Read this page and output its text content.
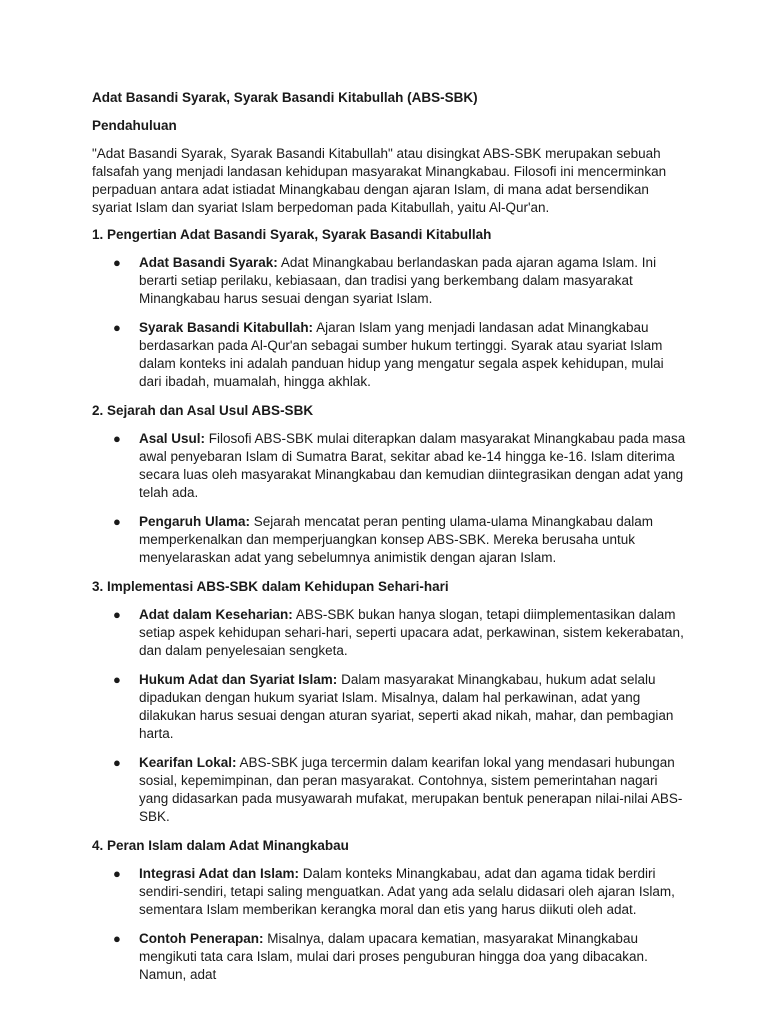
Adat Basandi Syarak, Syarak Basandi Kitabullah (ABS-SBK)
Pendahuluan

"Adat Basandi Syarak, Syarak Basandi Kitabullah" atau disingkat ABS-SBK merupakan sebuah falsafah yang menjadi landasan kehidupan masyarakat Minangkabau. Filosofi ini mencerminkan perpaduan antara adat istiadat Minangkabau dengan ajaran Islam, di mana adat bersendikan syariat Islam dan syariat Islam berpedoman pada Kitabullah, yaitu Al-Qur'an.

1. Pengertian Adat Basandi Syarak, Syarak Basandi Kitabullah
● Adat Basandi Syarak: Adat Minangkabau berlandaskan pada ajaran agama Islam. Ini berarti setiap perilaku, kebiasaan, dan tradisi yang berkembang dalam masyarakat Minangkabau harus sesuai dengan syariat Islam.
● Syarak Basandi Kitabullah: Ajaran Islam yang menjadi landasan adat Minangkabau berdasarkan pada Al-Qur'an sebagai sumber hukum tertinggi. Syarak atau syariat Islam dalam konteks ini adalah panduan hidup yang mengatur segala aspek kehidupan, mulai dari ibadah, muamalah, hingga akhlak.
2. Sejarah dan Asal Usul ABS-SBK
● Asal Usul: Filosofi ABS-SBK mulai diterapkan dalam masyarakat Minangkabau pada masa awal penyebaran Islam di Sumatra Barat, sekitar abad ke-14 hingga ke-16. Islam diterima secara luas oleh masyarakat Minangkabau dan kemudian diintegrasikan dengan adat yang telah ada.
● Pengaruh Ulama: Sejarah mencatat peran penting ulama-ulama Minangkabau dalam memperkenalkan dan memperjuangkan konsep ABS-SBK. Mereka berusaha untuk menyelaraskan adat yang sebelumnya animistik dengan ajaran Islam.
3. Implementasi ABS-SBK dalam Kehidupan Sehari-hari
● Adat dalam Keseharian: ABS-SBK bukan hanya slogan, tetapi diimplementasikan dalam setiap aspek kehidupan sehari-hari, seperti upacara adat, perkawinan, sistem kekerabatan, dan dalam penyelesaian sengketa.
● Hukum Adat dan Syariat Islam: Dalam masyarakat Minangkabau, hukum adat selalu dipadukan dengan hukum syariat Islam. Misalnya, dalam hal perkawinan, adat yang dilakukan harus sesuai dengan aturan syariat, seperti akad nikah, mahar, dan pembagian harta.
● Kearifan Lokal: ABS-SBK juga tercermin dalam kearifan lokal yang mendasari hubungan sosial, kepemimpinan, dan peran masyarakat. Contohnya, sistem pemerintahan nagari yang didasarkan pada musyawarah mufakat, merupakan bentuk penerapan nilai-nilai ABS-SBK.
4. Peran Islam dalam Adat Minangkabau
● Integrasi Adat dan Islam: Dalam konteks Minangkabau, adat dan agama tidak berdiri sendiri-sendiri, tetapi saling menguatkan. Adat yang ada selalu didasari oleh ajaran Islam, sementara Islam memberikan kerangka moral dan etis yang harus diikuti oleh adat.
● Contoh Penerapan: Misalnya, dalam upacara kematian, masyarakat Minangkabau mengikuti tata cara Islam, mulai dari proses penguburan hingga doa yang dibacakan. Namun, adat
